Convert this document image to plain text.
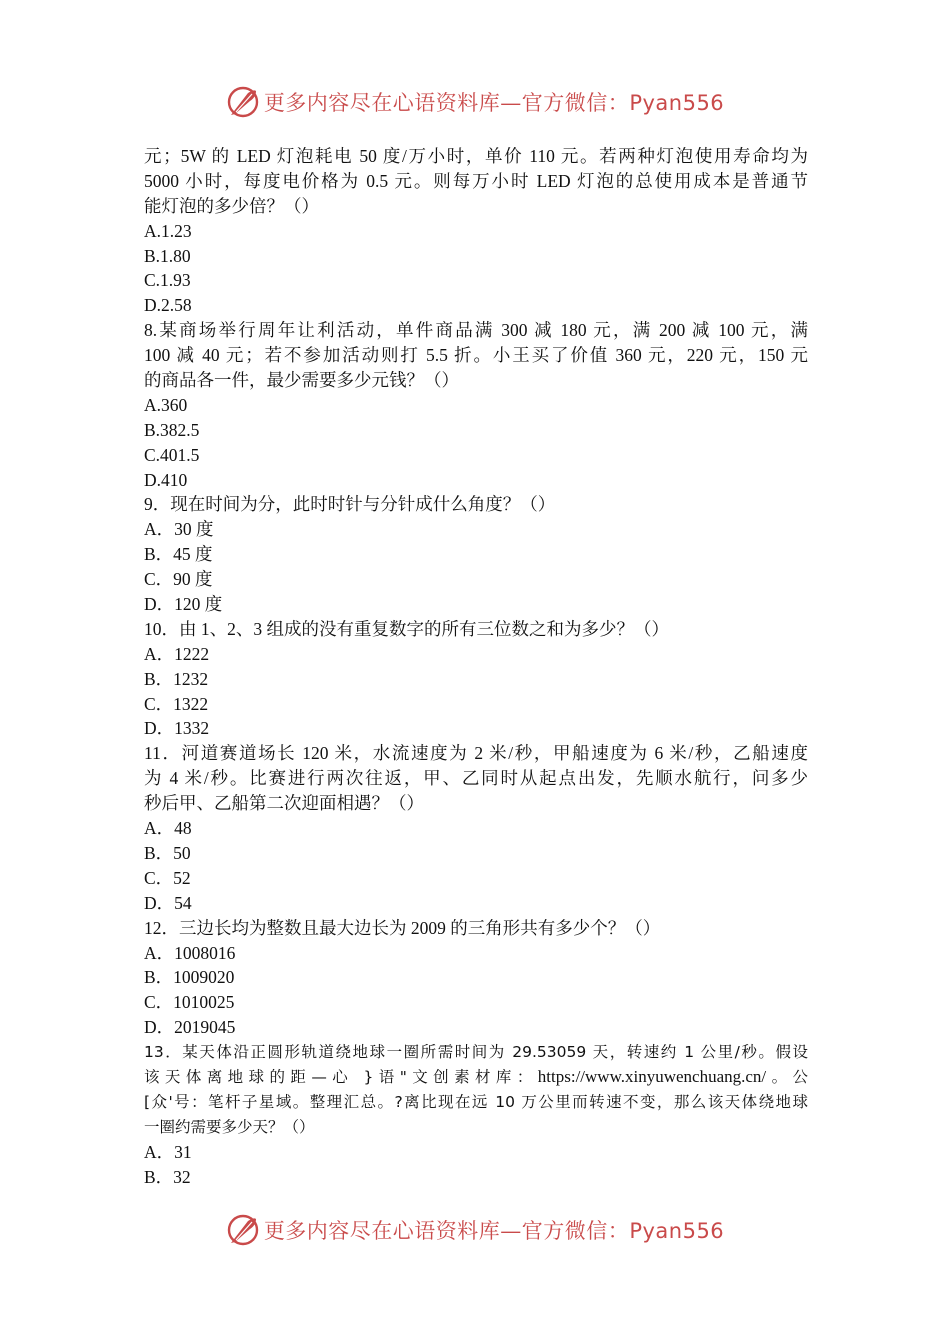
更多内容尽在心语资料库—官方微信：Pyan556
元；5W 的 LED 灯泡耗电 50 度/万小时，单价 110 元。若两种灯泡使用寿命均为
5000 小时，每度电价格为 0.5 元。则每万小时 LED 灯泡的总使用成本是普通节
能灯泡的多少倍？（）
A.1.23
B.1.80
C.1.93
D.2.58
8.某商场举行周年让利活动，单件商品满 300 减 180 元，满 200 减 100 元，满
100 减 40 元；若不参加活动则打 5.5 折。小王买了价值 360 元，220 元，150 元
的商品各一件，最少需要多少元钱？（）
A.360
B.382.5
C.401.5
D.410
9．现在时间为分，此时时针与分针成什么角度？（）
A．30 度
B．45 度
C．90 度
D．120 度
10．由 1、2、3 组成的没有重复数字的所有三位数之和为多少？（）
A．1222
B．1232
C．1322
D．1332
11．河道赛道场长 120 米，水流速度为 2 米/秒，甲船速度为 6 米/秒，乙船速度
为 4 米/秒。比赛进行两次往返，甲、乙同时从起点出发，先顺水航行，问多少
秒后甲、乙船第二次迎面相遇？（）
A．48
B．50
C．52
D．54
12．三边长均为整数且最大边长为 2009 的三角形共有多少个？（）
A．1008016
B．1009020
C．1010025
D．2019045
13．某天体沿正圆形轨道绕地球一圈所需时间为 29.53059 天，转速约 1 公里/秒。假设
该天体离地球的距—心 }语"文创素材库：https://www.xinyuwenchuang.cn/。公
[众'号：笔杆子星域。整理汇总。?离比现在远 10 万公里而转速不变，那么该天体绕地球
一圈约需要多少天？（）
A．31
B．32
更多内容尽在心语资料库—官方微信：Pyan556
